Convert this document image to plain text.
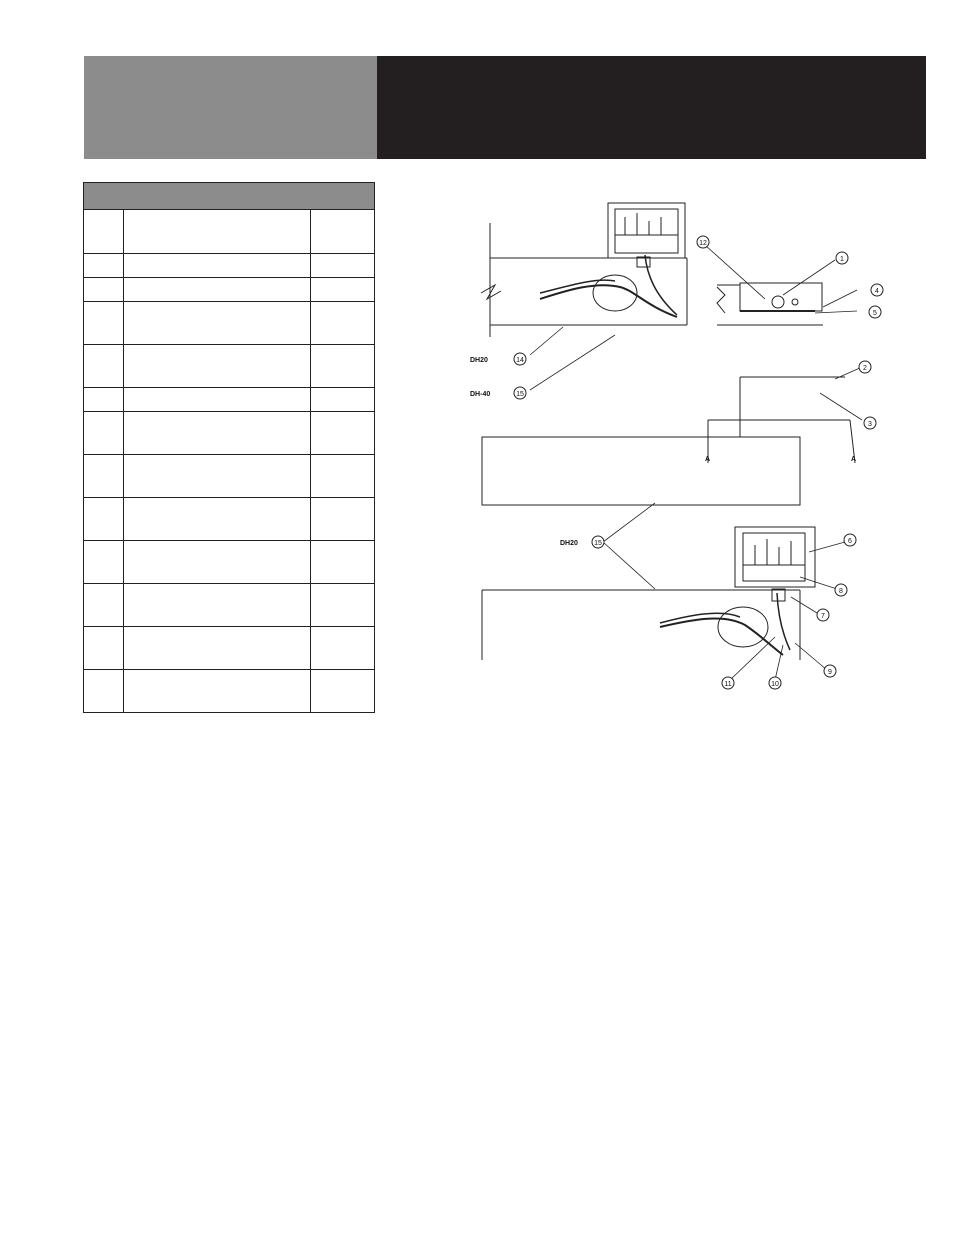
1
2
3
4
5
6
7
8
9
10
11
12
14
15
15
DH20
DH-40
DH20
A	A
